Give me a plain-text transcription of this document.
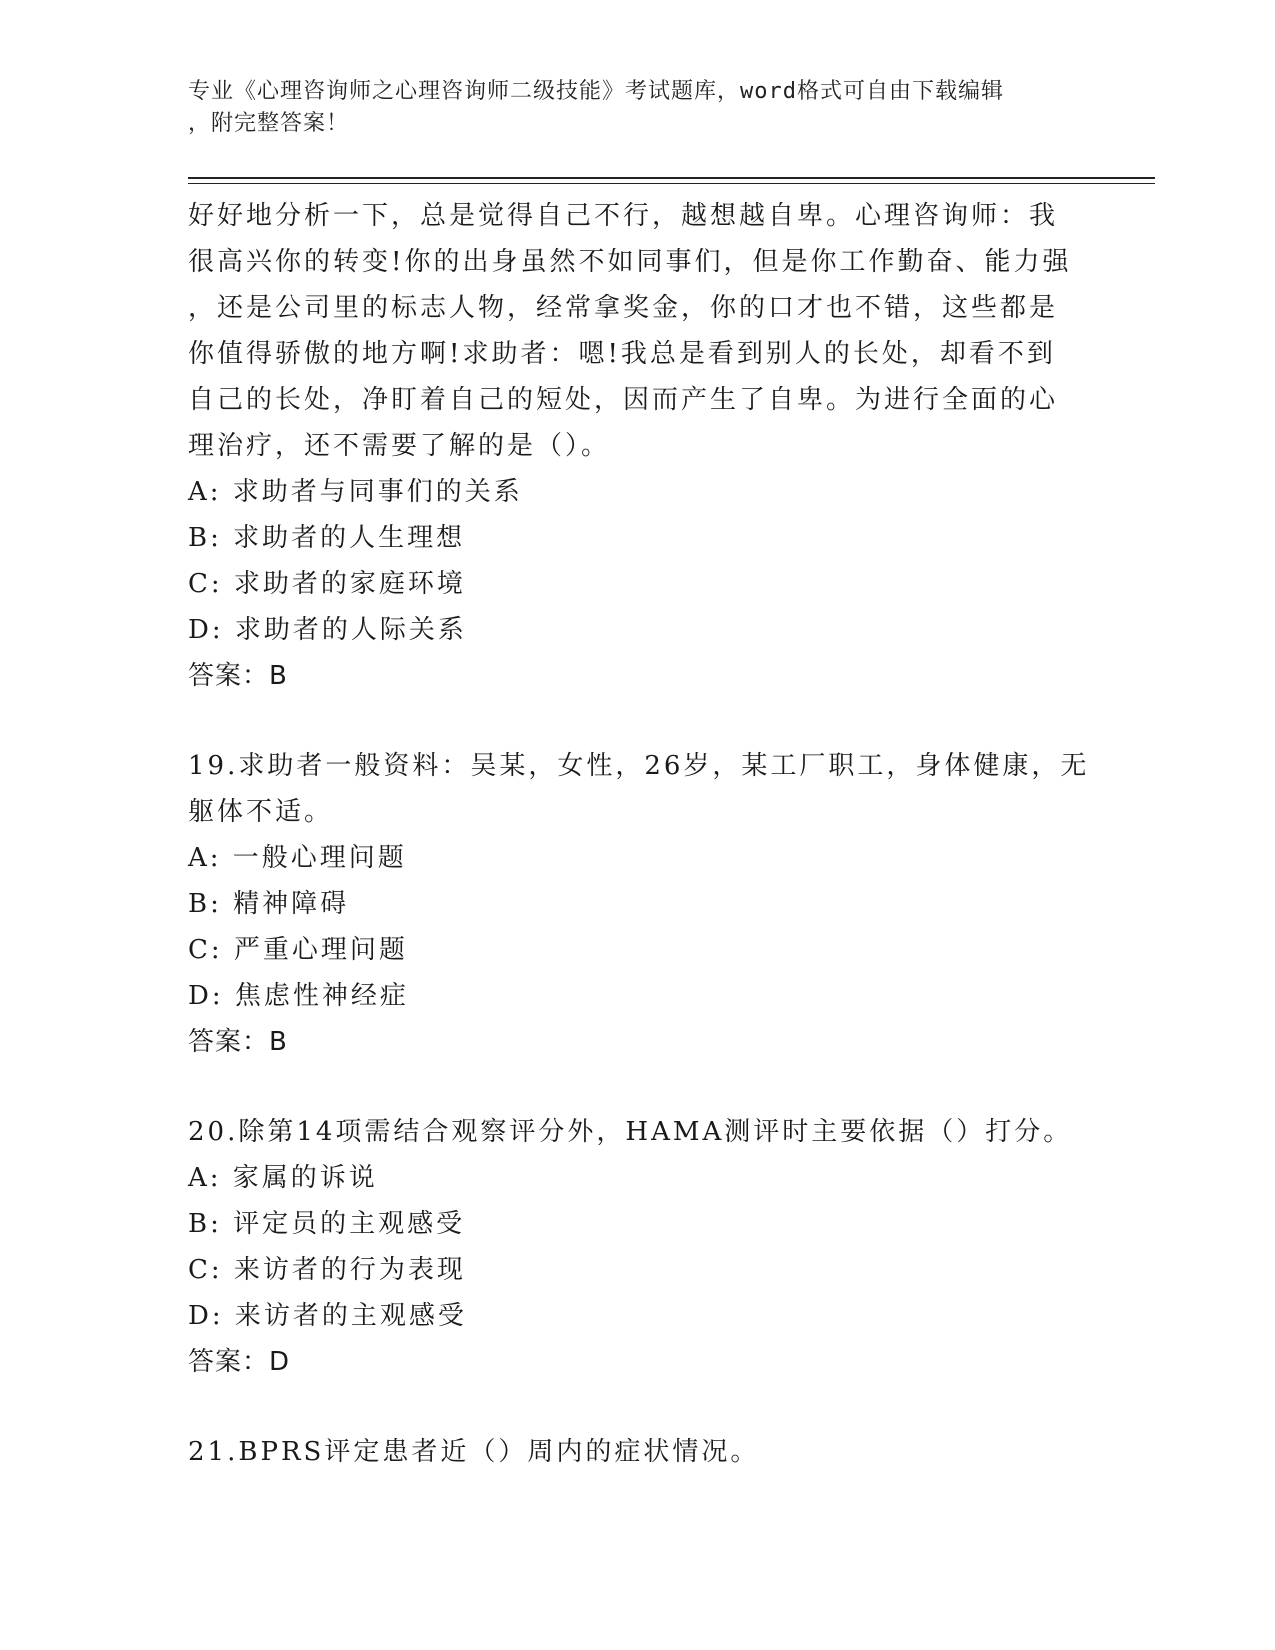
专业《心理咨询师之心理咨询师二级技能》考试题库，word格式可自由下载编辑
，附完整答案！
好好地分析一下，总是觉得自己不行，越想越自卑。心理咨询师：我
很高兴你的转变!你的出身虽然不如同事们，但是你工作勤奋、能力强
，还是公司里的标志人物，经常拿奖金，你的口才也不错，这些都是
你值得骄傲的地方啊!求助者：嗯!我总是看到别人的长处，却看不到
自己的长处，净盯着自己的短处，因而产生了自卑。为进行全面的心
理治疗，还不需要了解的是（）。
A: 求助者与同事们的关系
B: 求助者的人生理想
C: 求助者的家庭环境
D: 求助者的人际关系
答案：B
19.求助者一般资料：吴某，女性，26岁，某工厂职工，身体健康，无
躯体不适。
A: 一般心理问题
B: 精神障碍
C: 严重心理问题
D: 焦虑性神经症
答案：B
20.除第14项需结合观察评分外，HAMA测评时主要依据（）打分。
A: 家属的诉说
B: 评定员的主观感受
C: 来访者的行为表现
D: 来访者的主观感受
答案：D
21.BPRS评定患者近（）周内的症状情况。
